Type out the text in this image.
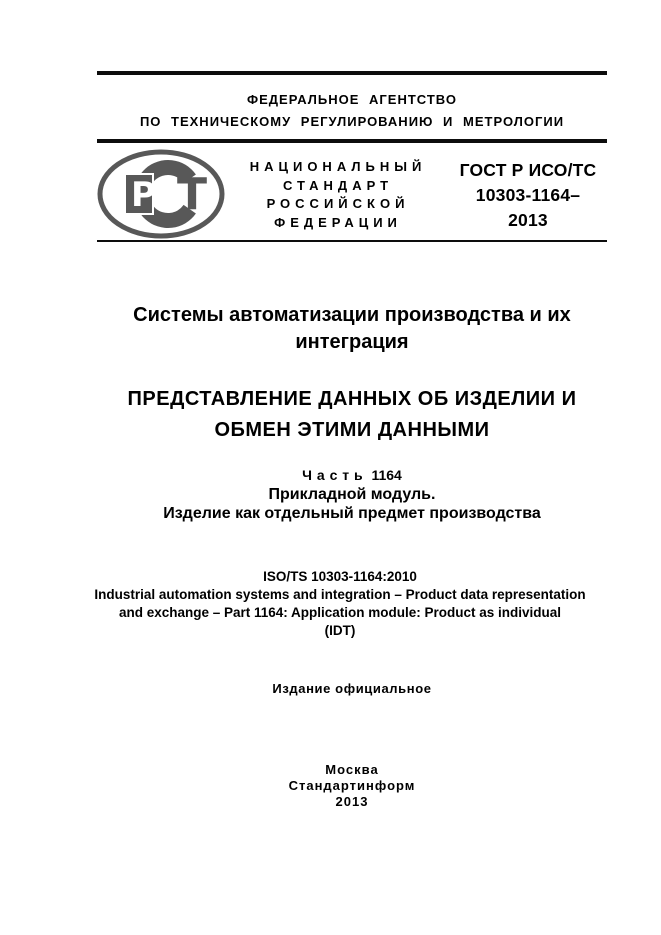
ФЕДЕРАЛЬНОЕ АГЕНТСТВО
ПО ТЕХНИЧЕСКОМУ РЕГУЛИРОВАНИЮ И МЕТРОЛОГИИ
Р Т
НАЦИОНАЛЬНЫЙ
СТАНДАРТ
РОССИЙСКОЙ
ФЕДЕРАЦИИ
ГОСТ Р ИСО/ТС
10303-1164–
2013
Системы автоматизации производства и их
интеграция
ПРЕДСТАВЛЕНИЕ ДАННЫХ ОБ ИЗДЕЛИИ И
ОБМЕН ЭТИМИ ДАННЫМИ
Часть 1164
Прикладной модуль.
Изделие как отдельный предмет производства
ISO/TS 10303-1164:2010
Industrial automation systems and integration – Product data representation
and exchange – Part 1164: Application module: Product as individual
(IDT)
Издание официальное
Москва
Стандартинформ
2013
